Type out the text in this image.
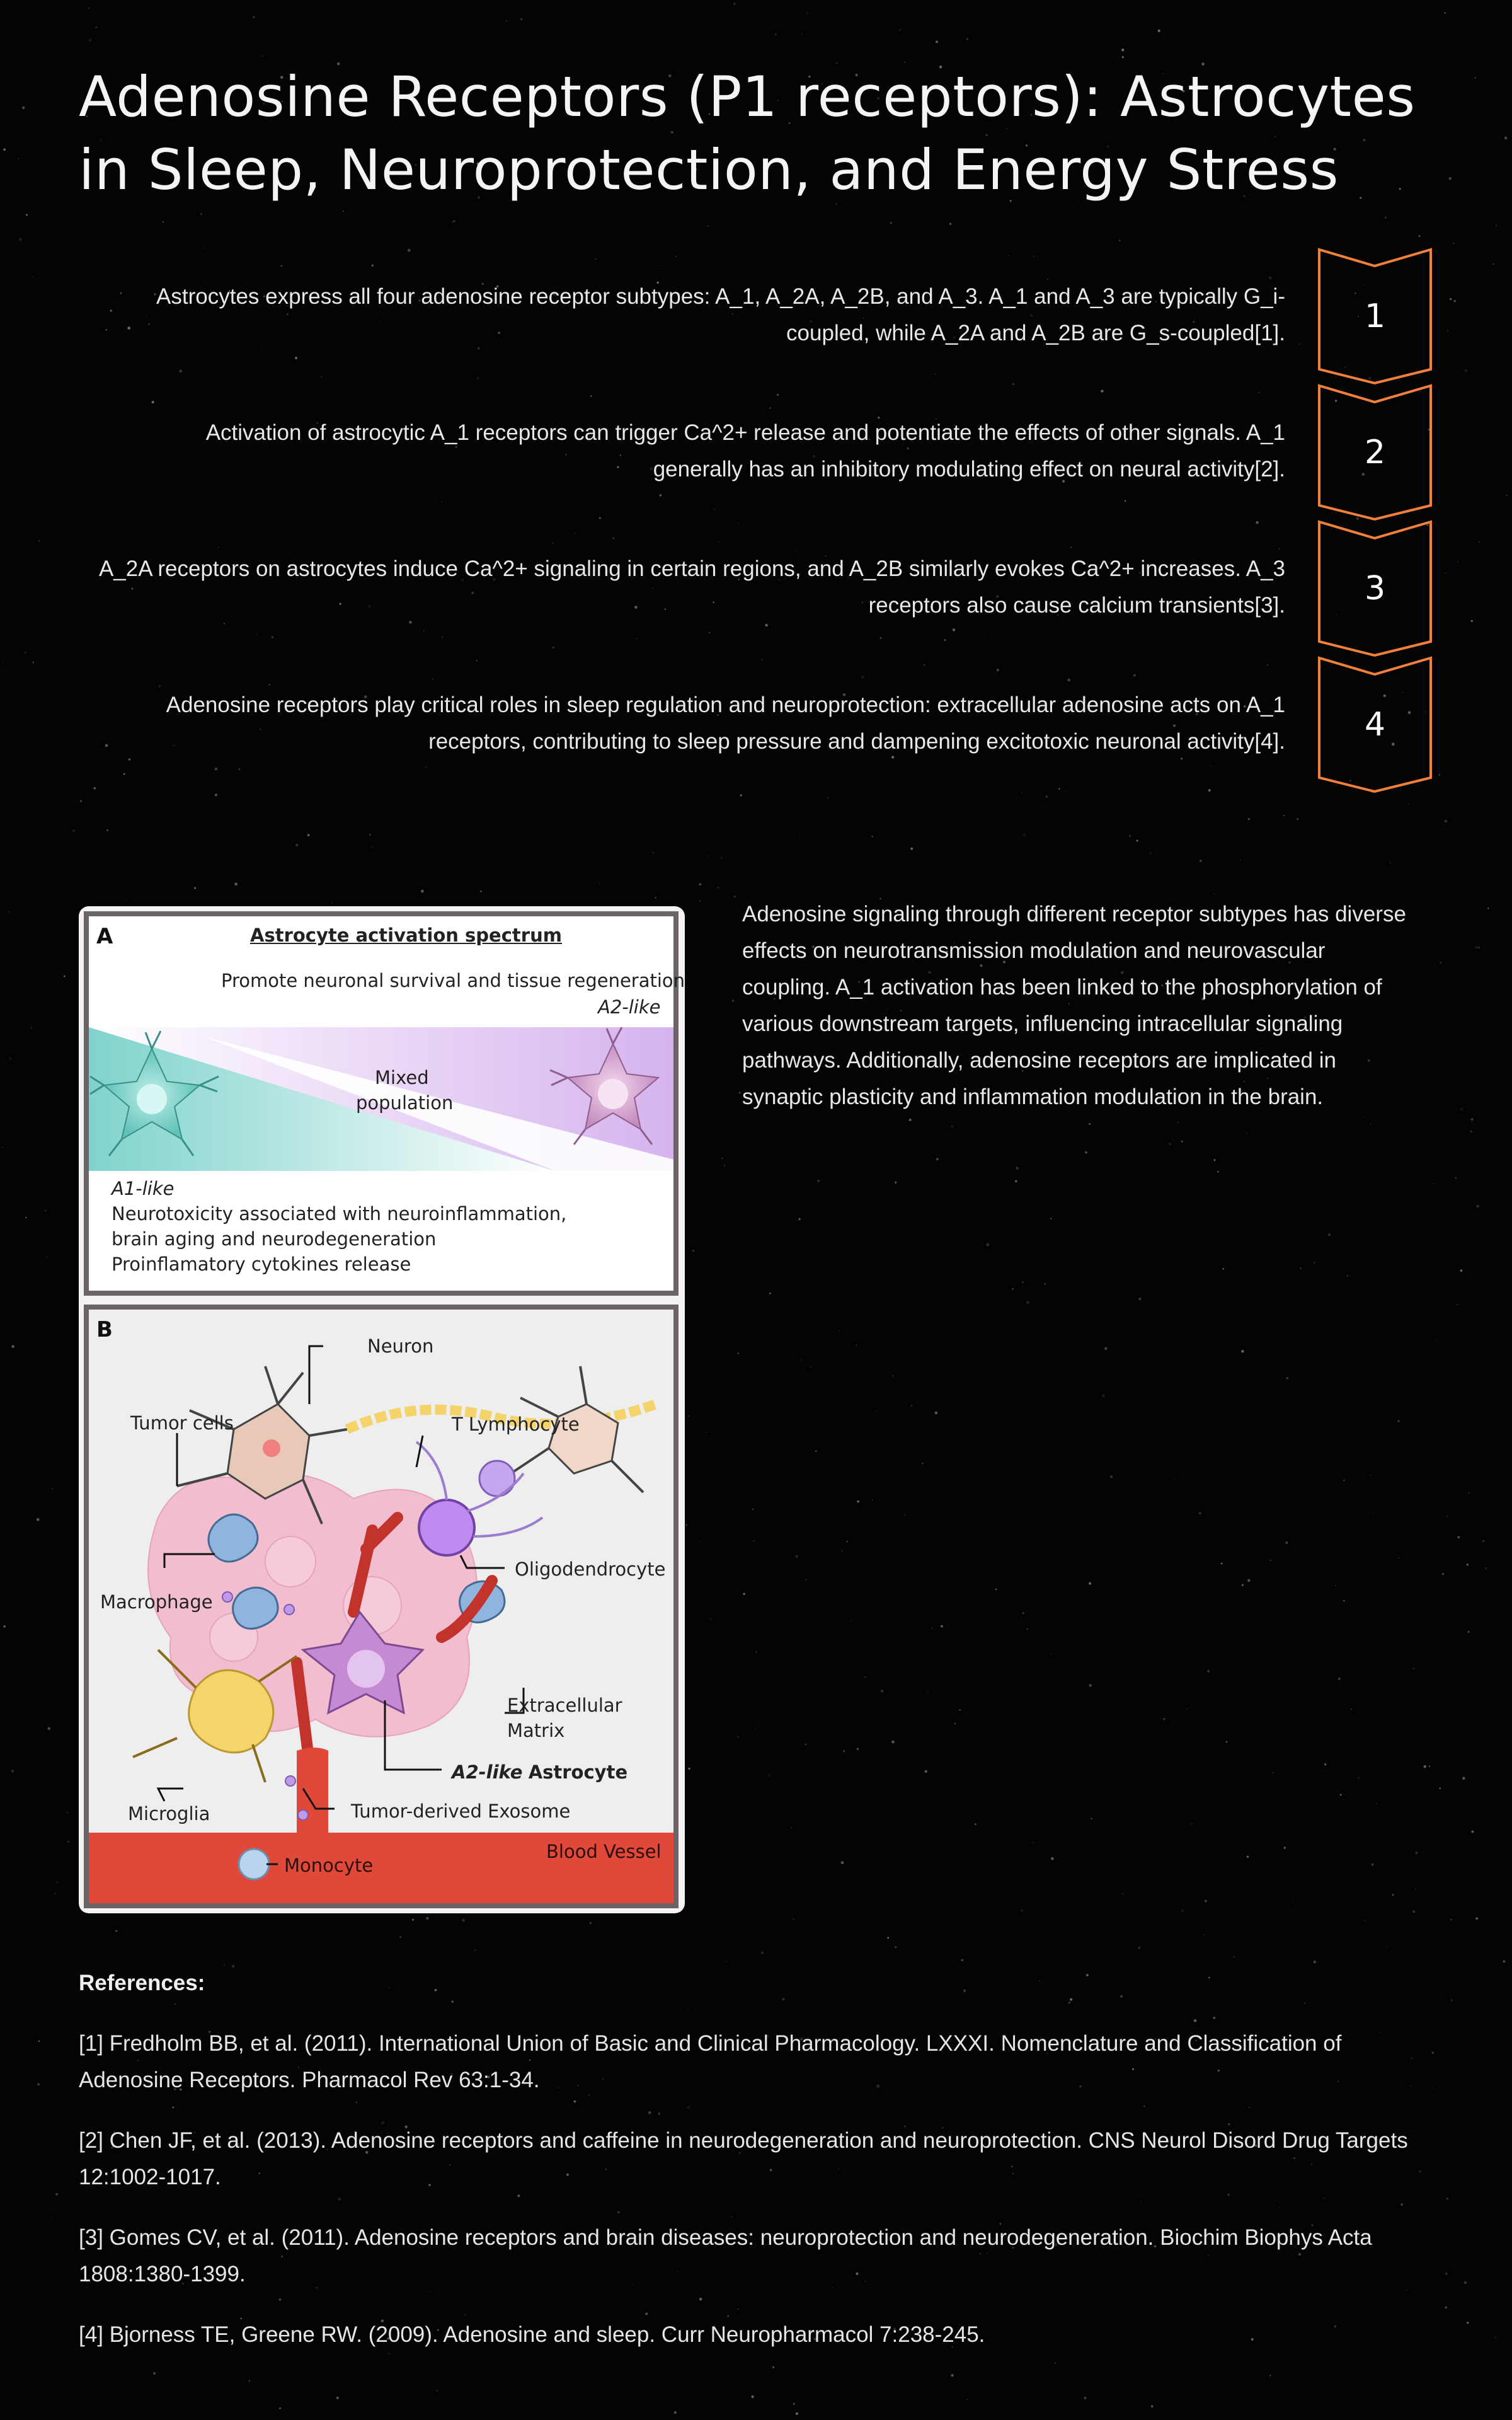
Adenosine Receptors (P1 receptors): Astrocytes in Sleep, Neuroprotection, and Energy Stress
Astrocytes express all four adenosine receptor subtypes: A_1, A_2A, A_2B, and A_3. A_1 and A_3 are typically G_i-
coupled, while A_2A and A_2B are G_s-coupled[1].	1
Activation of astrocytic A_1 receptors can trigger Ca^2+ release and potentiate the effects of other signals. A_1
generally has an inhibitory modulating effect on neural activity[2].	2
A_2A receptors on astrocytes induce Ca^2+ signaling in certain regions, and A_2B similarly evokes Ca^2+ increases. A_3
receptors also cause calcium transients[3].	3
Adenosine receptors play critical roles in sleep regulation and neuroprotection: extracellular adenosine acts on A_1
receptors, contributing to sleep pressure and dampening excitotoxic neuronal activity[4].	4
A	Astrocyte activation spectrum
Promote neuronal survival and tissue regeneration
A2-like
Mixed
population
A1-like
Neurotoxicity associated with neuroinflammation,
brain aging and neurodegeneration
Proinflamatory cytokines release
B
Neuron
Tumor cells	T Lymphocyte
Oligodendrocyte
Macrophage
Extracellular
Matrix
A2-like Astrocyte
Microglia	Tumor-derived Exosome
Blood Vessel
Monocyte
Adenosine signaling through different receptor subtypes has diverse
effects on neurotransmission modulation and neurovascular
coupling. A_1 activation has been linked to the phosphorylation of
various downstream targets, influencing intracellular signaling
pathways. Additionally, adenosine receptors are implicated in
synaptic plasticity and inflammation modulation in the brain.
References:
[1] Fredholm BB, et al. (2011). International Union of Basic and Clinical Pharmacology. LXXXI. Nomenclature and Classification of Adenosine Receptors. Pharmacol Rev 63:1-34.
[2] Chen JF, et al. (2013). Adenosine receptors and caffeine in neurodegeneration and neuroprotection. CNS Neurol Disord Drug Targets 12:1002-1017.
[3] Gomes CV, et al. (2011). Adenosine receptors and brain diseases: neuroprotection and neurodegeneration. Biochim Biophys Acta 1808:1380-1399.
[4] Bjorness TE, Greene RW. (2009). Adenosine and sleep. Curr Neuropharmacol 7:238-245.
